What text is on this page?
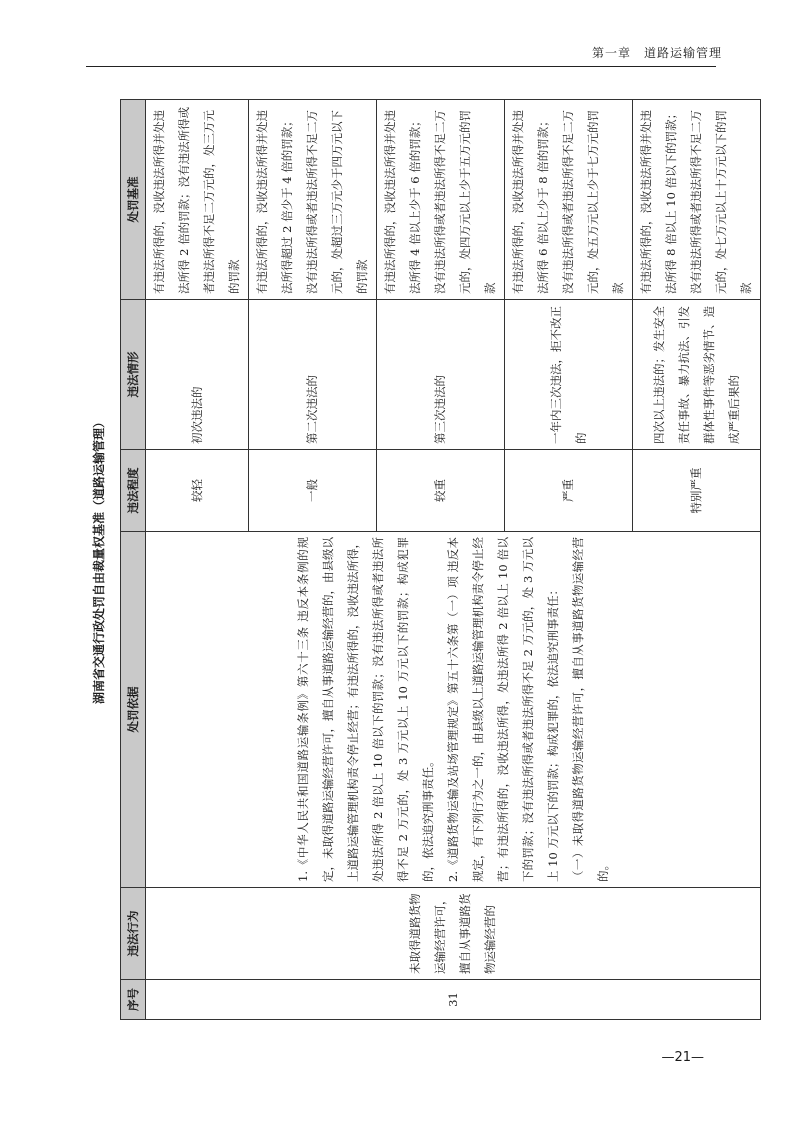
第一章　道路运输管理
湖南省交通行政处罚自由裁量权基准（道路运输管理）
序号	违法行为	处罚依据	违法程度	违法情形	处罚基准
31	未取得道路货物运输经营许可，擅自从事道路货物运输经营的	1.《中华人民共和国道路运输条例》第六十三条 违反本条例的规定，未取得道路运输经营许可，擅自从事道路运输经营的，由县级以上道路运输管理机构责令停止经营；有违法所得的，没收违法所得，处违法所得 2 倍以上 10 倍以下的罚款；没有违法所得或者违法所得不足 2 万元的，处 3 万元以上 10 万元以下的罚款；构成犯罪的，依法追究刑事责任。 2.《道路货物运输及站场管理规定》第五十六条第（一）项 违反本规定，有下列行为之一的，由县级以上道路运输管理机构责令停止经营；有违法所得的，没收违法所得，处违法所得 2 倍以上 10 倍以下的罚款；没有违法所得或者违法所得不足 2 万元的，处 3 万元以上 10 万元以下的罚款；构成犯罪的，依法追究刑事责任： （一）未取得道路货物运输经营许可，擅自从事道路货物运输经营的。	较轻	初次违法的	有违法所得的，没收违法所得并处违法所得 2 倍的罚款；没有违法所得或者违法所得不足二万元的，处三万元的罚款
			一般	第二次违法的	有违法所得的，没收违法所得并处违法所得超过 2 倍少于 4 倍的罚款；没有违法所得或者违法所得不足二万元的，处超过三万元少于四万元以下的罚款
			较重	第三次违法的	有违法所得的，没收违法所得并处违法所得 4 倍以上少于 6 倍的罚款；没有违法所得或者违法所得不足二万元的，处四万元以上少于五万元的罚款
			严重	一年内三次违法，拒不改正的	有违法所得的，没收违法所得并处违法所得 6 倍以上少于 8 倍的罚款；没有违法所得或者违法所得不足二万元的，处五万元以上少于七万元的罚款
			特别严重	四次以上违法的；发生安全责任事故、暴力抗法、引发群体性事件等恶劣情节、造成严重后果的	有违法所得的，没收违法所得并处违法所得 8 倍以上 10 倍以下的罚款；没有违法所得或者违法所得不足二万元的，处七万元以上十万元以下的罚款
—21—
